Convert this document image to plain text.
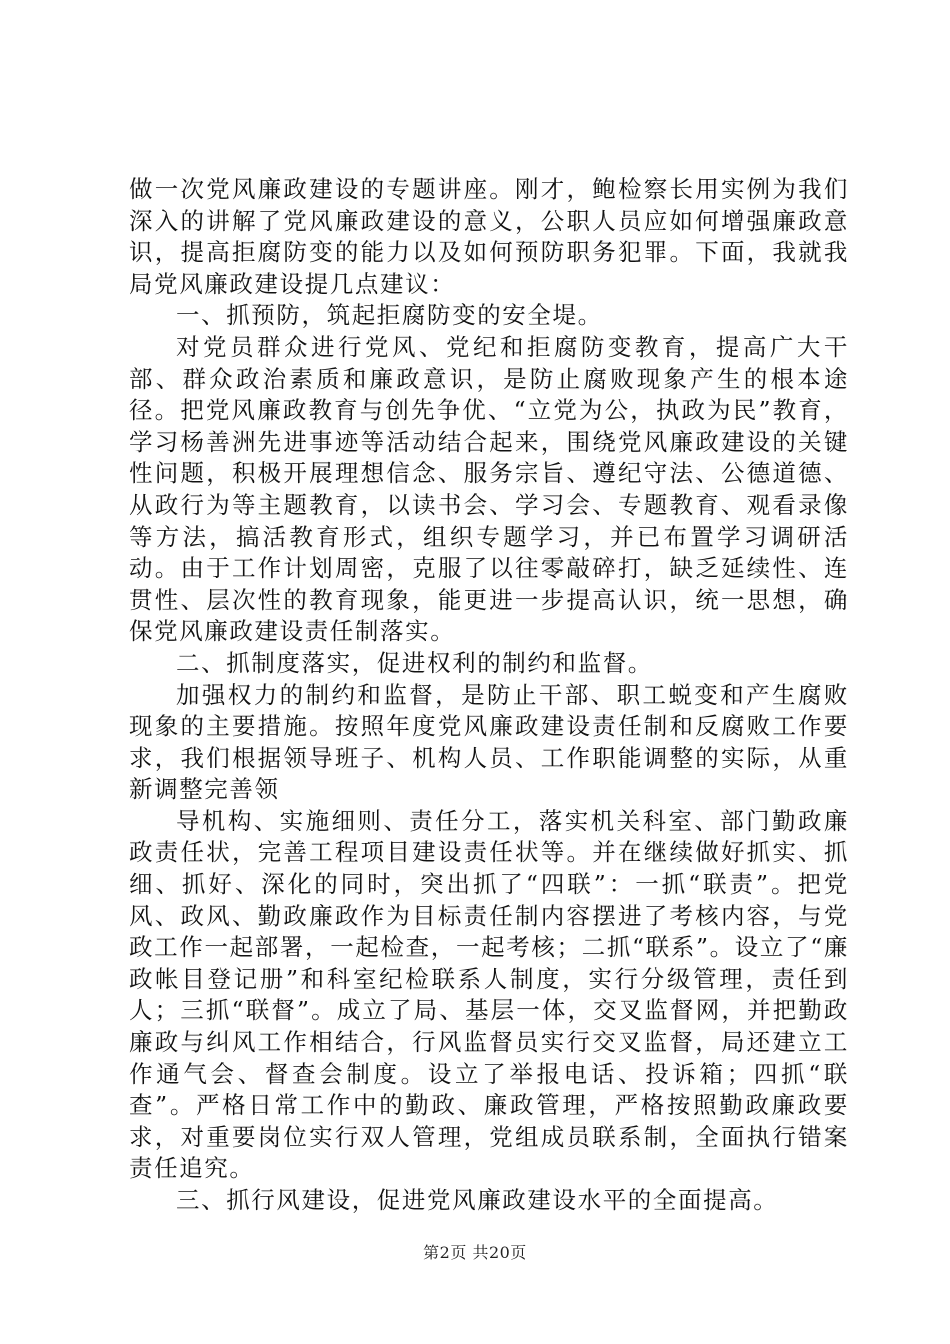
做一次党风廉政建设的专题讲座。刚才，鲍检察长用实例为我们深入的讲解了党风廉政建设的意义，公职人员应如何增强廉政意识，提高拒腐防变的能力以及如何预防职务犯罪。下面，我就我局党风廉政建设提几点建议：

一、抓预防，筑起拒腐防变的安全堤。

对党员群众进行党风、党纪和拒腐防变教育，提高广大干部、群众政治素质和廉政意识，是防止腐败现象产生的根本途径。把党风廉政教育与创先争优、“立党为公，执政为民”教育，学习杨善洲先进事迹等活动结合起来，围绕党风廉政建设的关键性问题，积极开展理想信念、服务宗旨、遵纪守法、公德道德、从政行为等主题教育，以读书会、学习会、专题教育、观看录像等方法，搞活教育形式，组织专题学习，并已布置学习调研活动。由于工作计划周密，克服了以往零敲碎打，缺乏延续性、连贯性、层次性的教育现象，能更进一步提高认识，统一思想，确保党风廉政建设责任制落实。

二、抓制度落实，促进权利的制约和监督。

加强权力的制约和监督，是防止干部、职工蜕变和产生腐败现象的主要措施。按照年度党风廉政建设责任制和反腐败工作要求，我们根据领导班子、机构人员、工作职能调整的实际，从重新调整完善领

导机构、实施细则、责任分工，落实机关科室、部门勤政廉政责任状，完善工程项目建设责任状等。并在继续做好抓实、抓细、抓好、深化的同时，突出抓了“四联”：一抓“联责”。把党风、政风、勤政廉政作为目标责任制内容摆进了考核内容，与党政工作一起部署，一起检查，一起考核；二抓“联系”。设立了“廉政帐目登记册”和科室纪检联系人制度，实行分级管理，责任到人；三抓“联督”。成立了局、基层一体，交叉监督网，并把勤政廉政与纠风工作相结合，行风监督员实行交叉监督，局还建立工作通气会、督查会制度。设立了举报电话、投诉箱；四抓“联查”。严格日常工作中的勤政、廉政管理，严格按照勤政廉政要求，对重要岗位实行双人管理，党组成员联系制，全面执行错案责任追究。

三、抓行风建设，促进党风廉政建设水平的全面提高。

第2页 共20页
